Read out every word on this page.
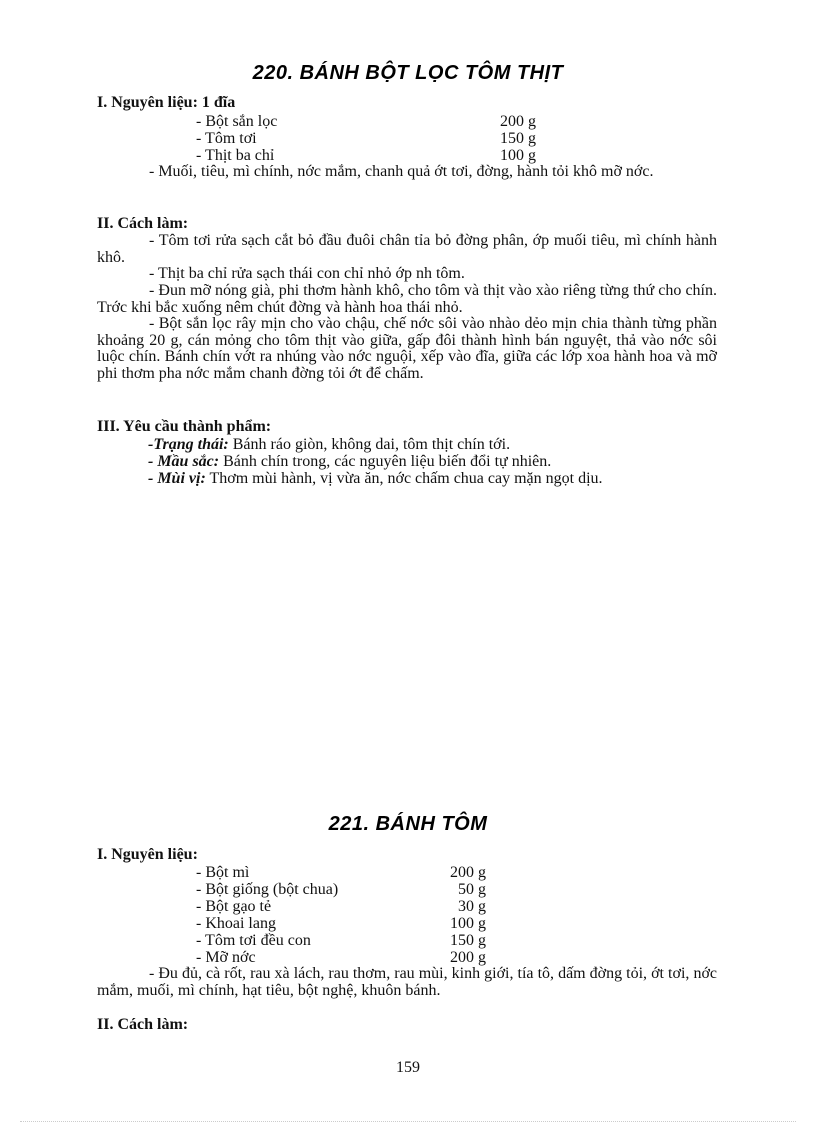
220. BÁNH BỘT LỌC TÔM THỊT
I. Nguyên liệu: 1 đĩa
- Bột sắn lọc	200 g
- Tôm tơi	150 g
- Thịt ba chỉ	100 g
- Muối, tiêu, mì chính, nớc mắm, chanh quả ớt tơi, đờng, hành tỏi khô mỡ nớc.
II. Cách làm:
- Tôm tơi rửa sạch cắt bỏ đầu đuôi chân tỉa bỏ đờng phân, ớp muối tiêu, mì chính hành khô.
- Thịt ba chỉ rửa sạch thái con chỉ nhỏ ớp nh tôm.
- Đun mỡ nóng già, phi thơm hành khô, cho tôm và thịt vào xào riêng từng thứ cho chín. Trớc khi bắc xuống nêm chút đờng và hành hoa thái nhỏ.
- Bột sắn lọc rây mịn cho vào chậu, chế nớc sôi vào nhào dẻo mịn chia thành từng phần khoảng 20 g, cán mỏng cho tôm thịt vào giữa, gấp đôi thành hình bán nguyệt, thả vào nớc sôi luộc chín. Bánh chín vớt ra nhúng vào nớc nguội, xếp vào đĩa, giữa các lớp xoa hành hoa và mỡ phi thơm pha nớc mắm chanh đờng tỏi ớt để chấm.
III. Yêu cầu thành phẩm:
-Trạng thái: Bánh ráo giòn, không dai, tôm thịt chín tới.
- Mầu sắc: Bánh chín trong, các nguyên liệu biến đổi tự nhiên.
- Mùi vị: Thơm mùi hành, vị vừa ăn, nớc chấm chua cay mặn ngọt dịu.
221. BÁNH TÔM
I. Nguyên liệu:
- Bột mì	200 g
- Bột giống (bột chua)	50 g
- Bột gạo tẻ	30 g
- Khoai lang	100 g
- Tôm tơi đều con	150 g
- Mỡ nớc	200 g
- Đu đủ, cà rốt, rau xà lách, rau thơm, rau mùi, kinh giới, tía tô, dấm đờng tỏi, ớt tơi, nớc mắm, muối, mì chính, hạt tiêu, bột nghệ, khuôn bánh.
II. Cách làm:
159
